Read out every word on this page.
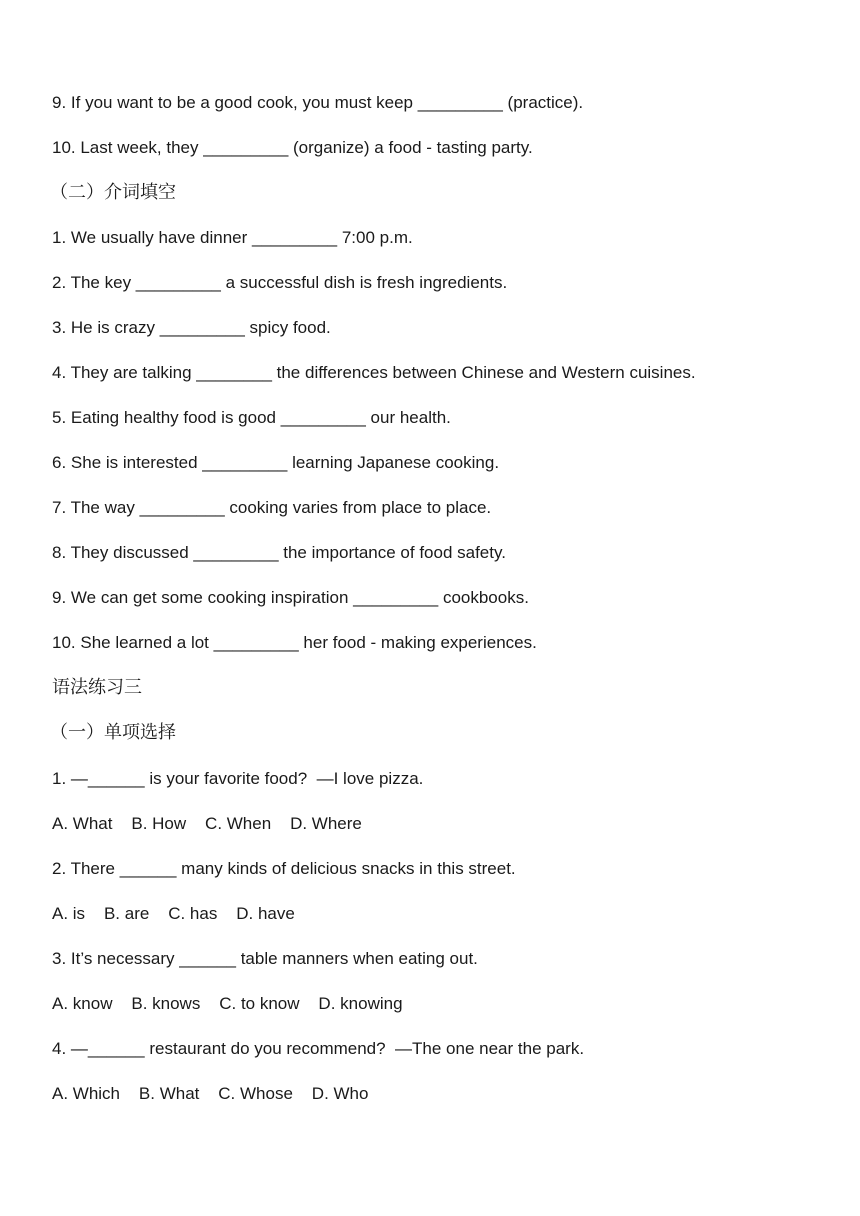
9. If you want to be a good cook, you must keep _________ (practice).
10. Last week, they _________ (organize) a food - tasting party.
（二）介词填空
1. We usually have dinner _________ 7:00 p.m.
2. The key _________ a successful dish is fresh ingredients.
3. He is crazy _________ spicy food.
4. They are talking ________ the differences between Chinese and Western cuisines.
5. Eating healthy food is good _________ our health.
6. She is interested _________ learning Japanese cooking.
7. The way _________ cooking varies from place to place.
8. They discussed _________ the importance of food safety.
9. We can get some cooking inspiration _________ cookbooks.
10. She learned a lot _________ her food - making experiences.
语法练习三
（一）单项选择
1. —______ is your favorite food?  —I love pizza.
A. What    B. How    C. When    D. Where
2. There ______ many kinds of delicious snacks in this street.
A. is    B. are    C. has    D. have
3. It’s necessary ______ table manners when eating out.
A. know    B. knows    C. to know    D. knowing
4. —______ restaurant do you recommend?  —The one near the park.
A. Which    B. What    C. Whose    D. Who
